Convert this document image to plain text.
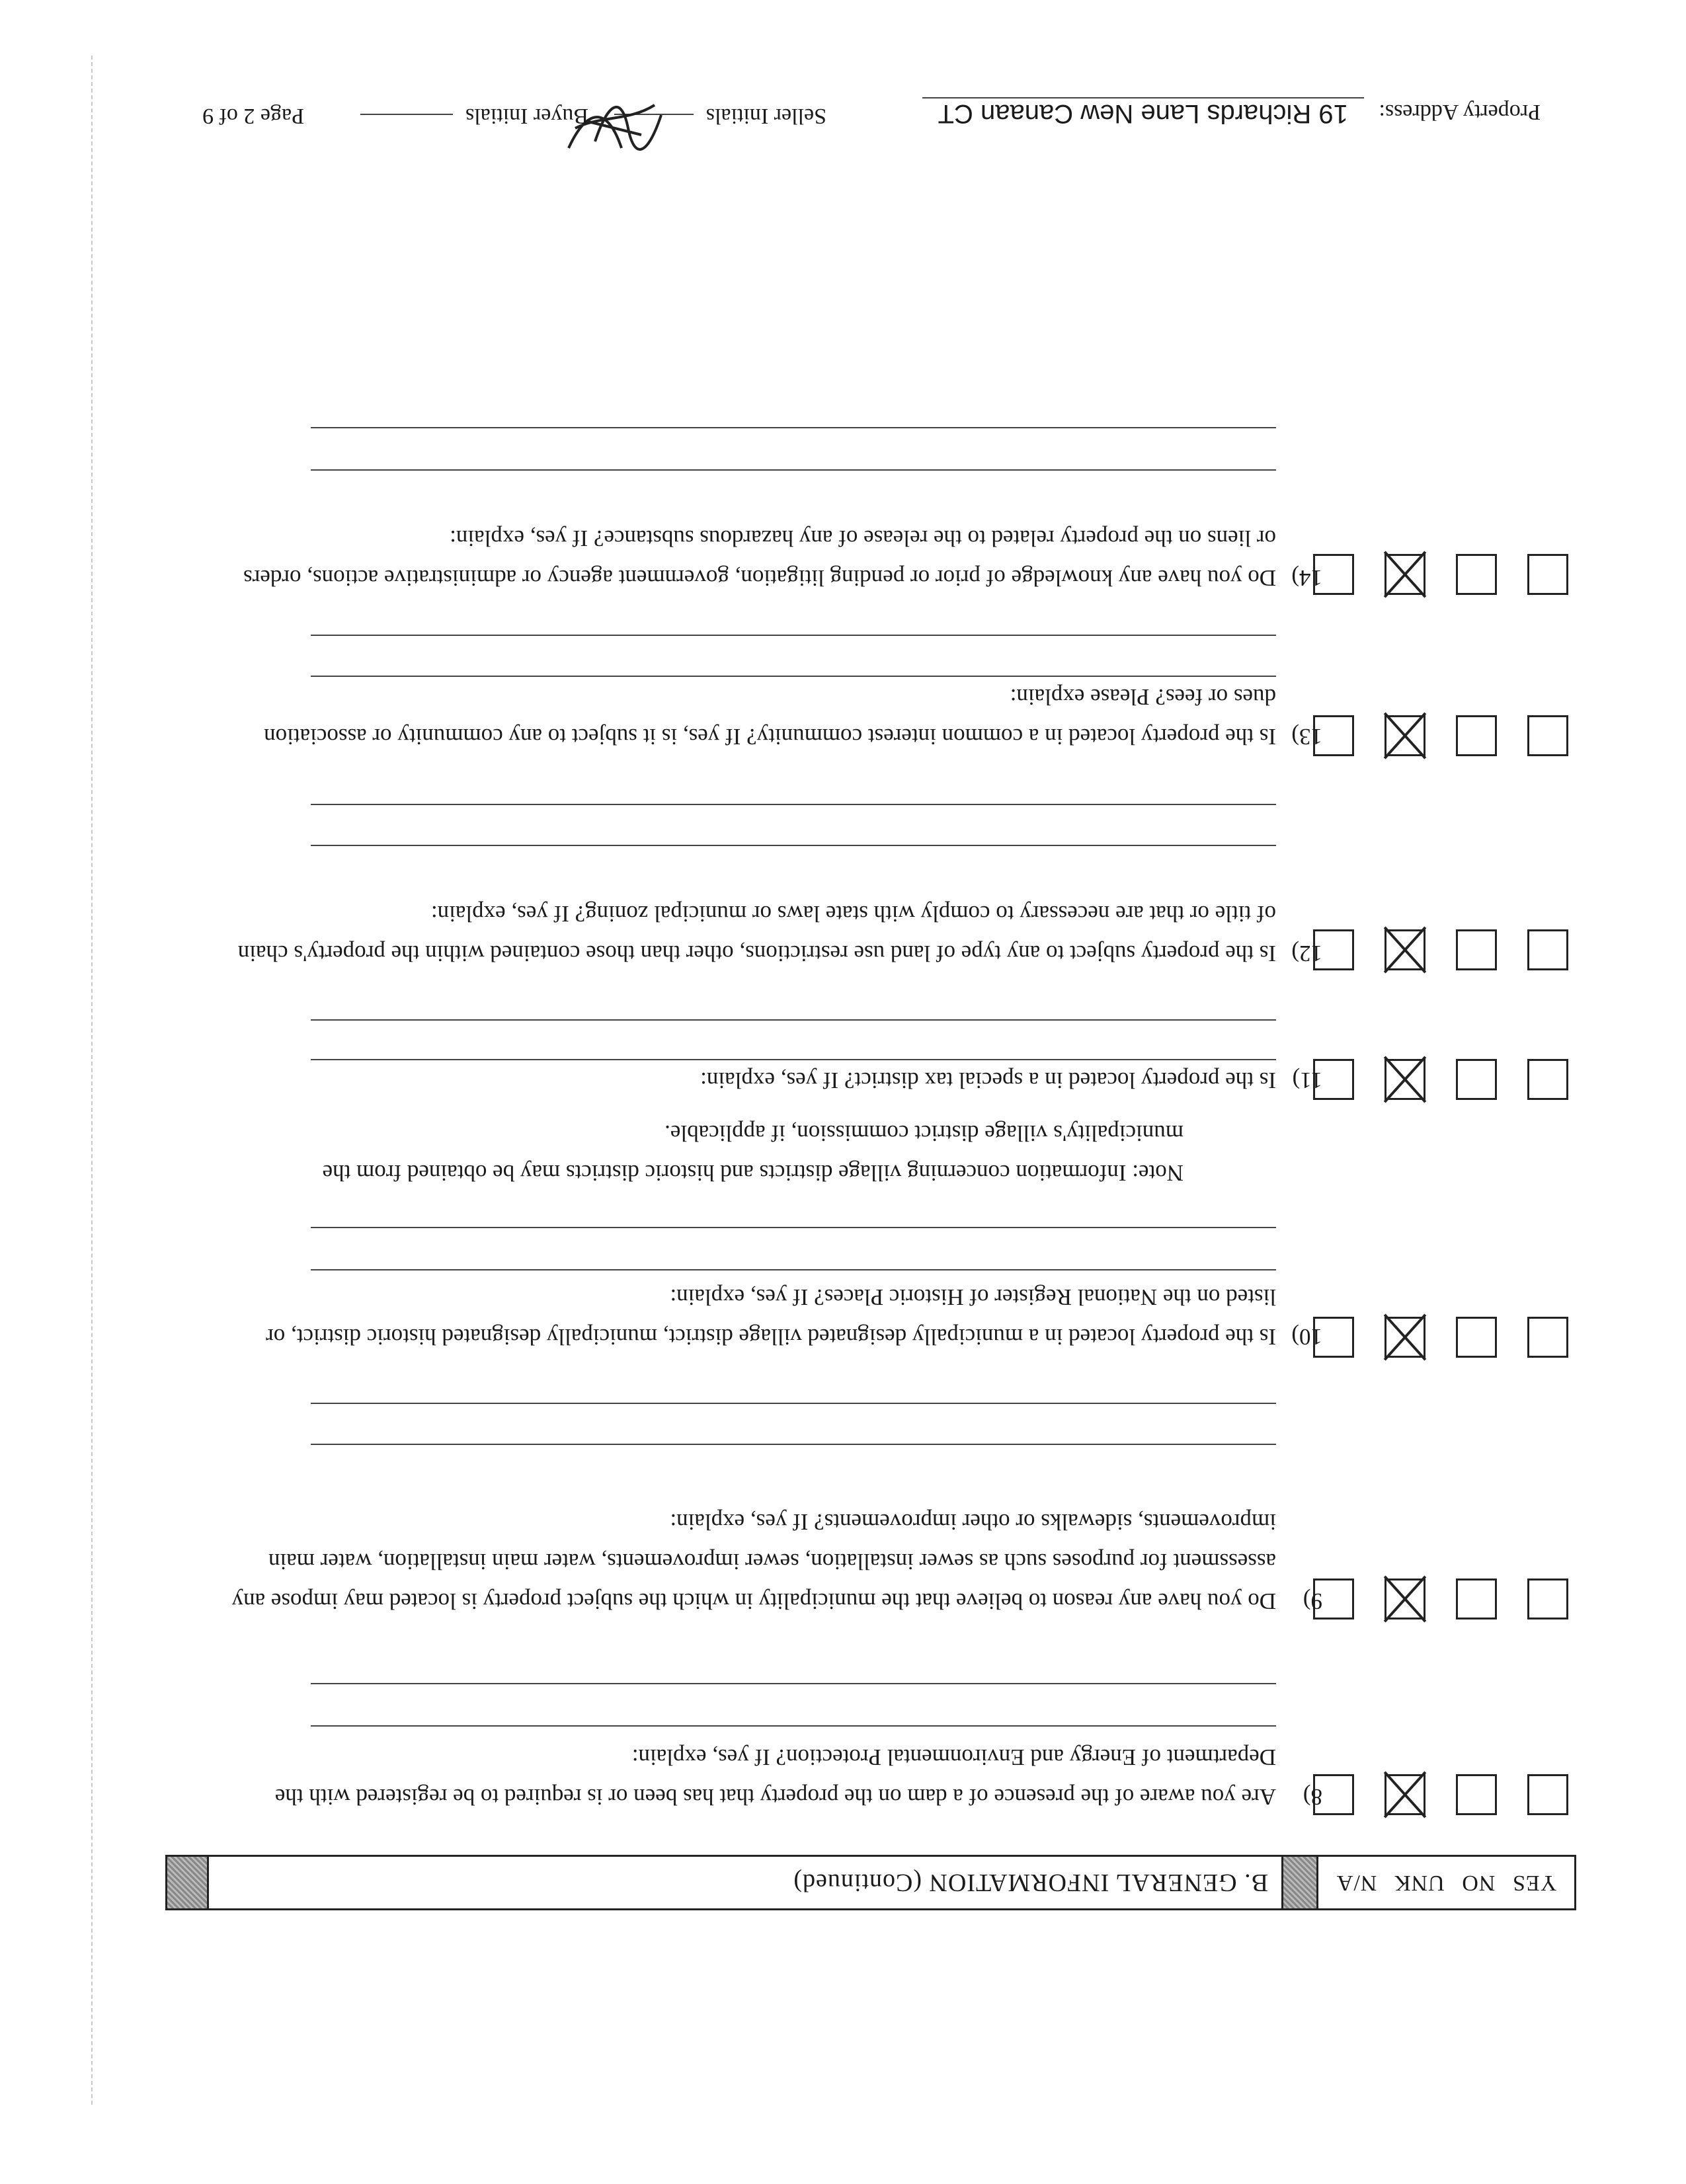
YES
NO
UNK
N/A
B. GENERAL INFORMATION (Continued)
8)
Are you aware of the presence of a dam on the property that has been or is required to be registered with the Department of Energy and Environmental Protection? If yes, explain:
9)
Do you have any reason to believe that the municipality in which the subject property is located may impose any assessment for purposes such as sewer installation, sewer improvements, water main installation, water main improvements, sidewalks or other improvements? If yes, explain:
10)
Is the property located in a municipally designated village district, municipally designated historic district, or listed on the National Register of Historic Places? If yes, explain:
Note: Information concerning village districts and historic districts may be obtained from the municipality's village district commission, if applicable.
11)
Is the property located in a special tax district? If yes, explain:
12)
Is the property subject to any type of land use restrictions, other than those contained within the property's chain of title or that are necessary to comply with state laws or municipal zoning? If yes, explain:
13)
Is the property located in a common interest community? If yes, is it subject to any community or association dues or fees? Please explain:
14)
Do you have any knowledge of prior or pending litigation, government agency or administrative actions, orders or liens on the property related to the release of any hazardous substance? If yes, explain:
Property Address: 19 Richards Lane New Canaan CT
Seller Initials
Buyer Initials
Page 2 of 9
